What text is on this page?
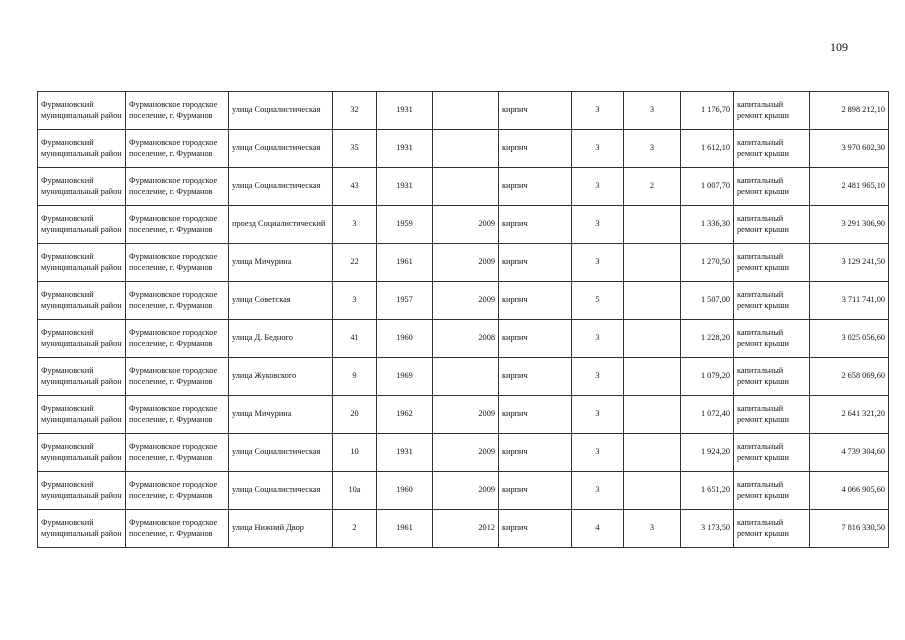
109
Фурмановский муниципальный район	Фурмановское городское поселение, г. Фурманов	улица Социалистическая	32	1931		кирпич	3	3	1 176,70	капитальный ремонт крыши	2 898 212,10
Фурмановский муниципальный район	Фурмановское городское поселение, г. Фурманов	улица Социалистическая	35	1931		кирпич	3	3	1 612,10	капитальный ремонт крыши	3 970 602,30
Фурмановский муниципальный район	Фурмановское городское поселение, г. Фурманов	улица Социалистическая	43	1931		кирпич	3	2	1 007,70	капитальный ремонт крыши	2 481 965,10
Фурмановский муниципальный район	Фурмановское городское поселение, г. Фурманов	проезд Социалистический	3	1959	2009	кирпич	3		1 336,30	капитальный ремонт крыши	3 291 306,90
Фурмановский муниципальный район	Фурмановское городское поселение, г. Фурманов	улица Мичурина	22	1961	2009	кирпич	3		1 270,50	капитальный ремонт крыши	3 129 241,50
Фурмановский муниципальный район	Фурмановское городское поселение, г. Фурманов	улица Советская	3	1957	2009	кирпич	5		1 507,00	капитальный ремонт крыши	3 711 741,00
Фурмановский муниципальный район	Фурмановское городское поселение, г. Фурманов	улица Д. Бедного	41	1960	2008	кирпич	3		1 228,20	капитальный ремонт крыши	3 025 056,60
Фурмановский муниципальный район	Фурмановское городское поселение, г. Фурманов	улица Жуковского	9	1969		кирпич	3		1 079,20	капитальный ремонт крыши	2 658 069,60
Фурмановский муниципальный район	Фурмановское городское поселение, г. Фурманов	улица Мичурина	20	1962	2009	кирпич	3		1 072,40	капитальный ремонт крыши	2 641 321,20
Фурмановский муниципальный район	Фурмановское городское поселение, г. Фурманов	улица Социалистическая	10	1931	2009	кирпич	3		1 924,20	капитальный ремонт крыши	4 739 304,60
Фурмановский муниципальный район	Фурмановское городское поселение, г. Фурманов	улица Социалистическая	10а	1960	2009	кирпич	3		1 651,20	капитальный ремонт крыши	4 066 905,60
Фурмановский муниципальный район	Фурмановское городское поселение, г. Фурманов	улица Нижний Двор	2	1961	2012	кирпич	4	3	3 173,50	капитальный ремонт крыши	7 816 330,50
